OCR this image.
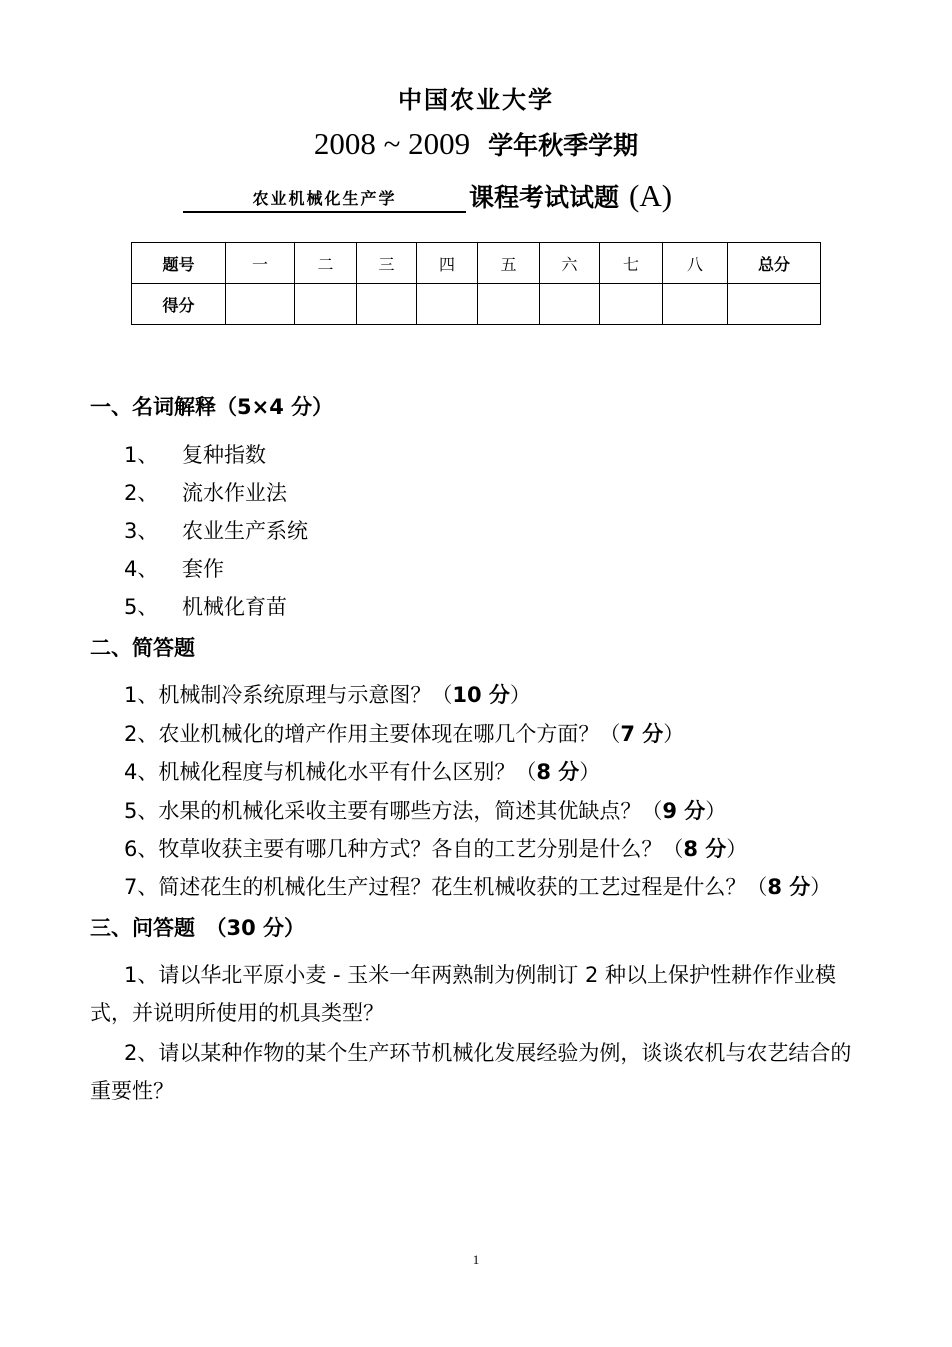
中国农业大学
2008 ~ 2009 学年秋季学期
农业机械化生产学	课程考试试题 (A)
题号	一	二	三	四	五	六	七	八	总分
得分									
一、名词解释（5×4 分）
1、 复种指数
2、 流水作业法
3、 农业生产系统
4、 套作
5、 机械化育苗
二、简答题
1、机械制冷系统原理与示意图？（10 分）
2、农业机械化的增产作用主要体现在哪几个方面？（7 分）
4、机械化程度与机械化水平有什么区别？（8 分）
5、水果的机械化采收主要有哪些方法，简述其优缺点？（9 分）
6、牧草收获主要有哪几种方式？各自的工艺分别是什么？（8 分）
7、简述花生的机械化生产过程？花生机械收获的工艺过程是什么？（8 分）
三、问答题　（30 分）
1、请以华北平原小麦 - 玉米一年两熟制为例制订 2 种以上保护性耕作作业模式，并说明所使用的机具类型？
2、请以某种作物的某个生产环节机械化发展经验为例，谈谈农机与农艺结合的重要性？
1
